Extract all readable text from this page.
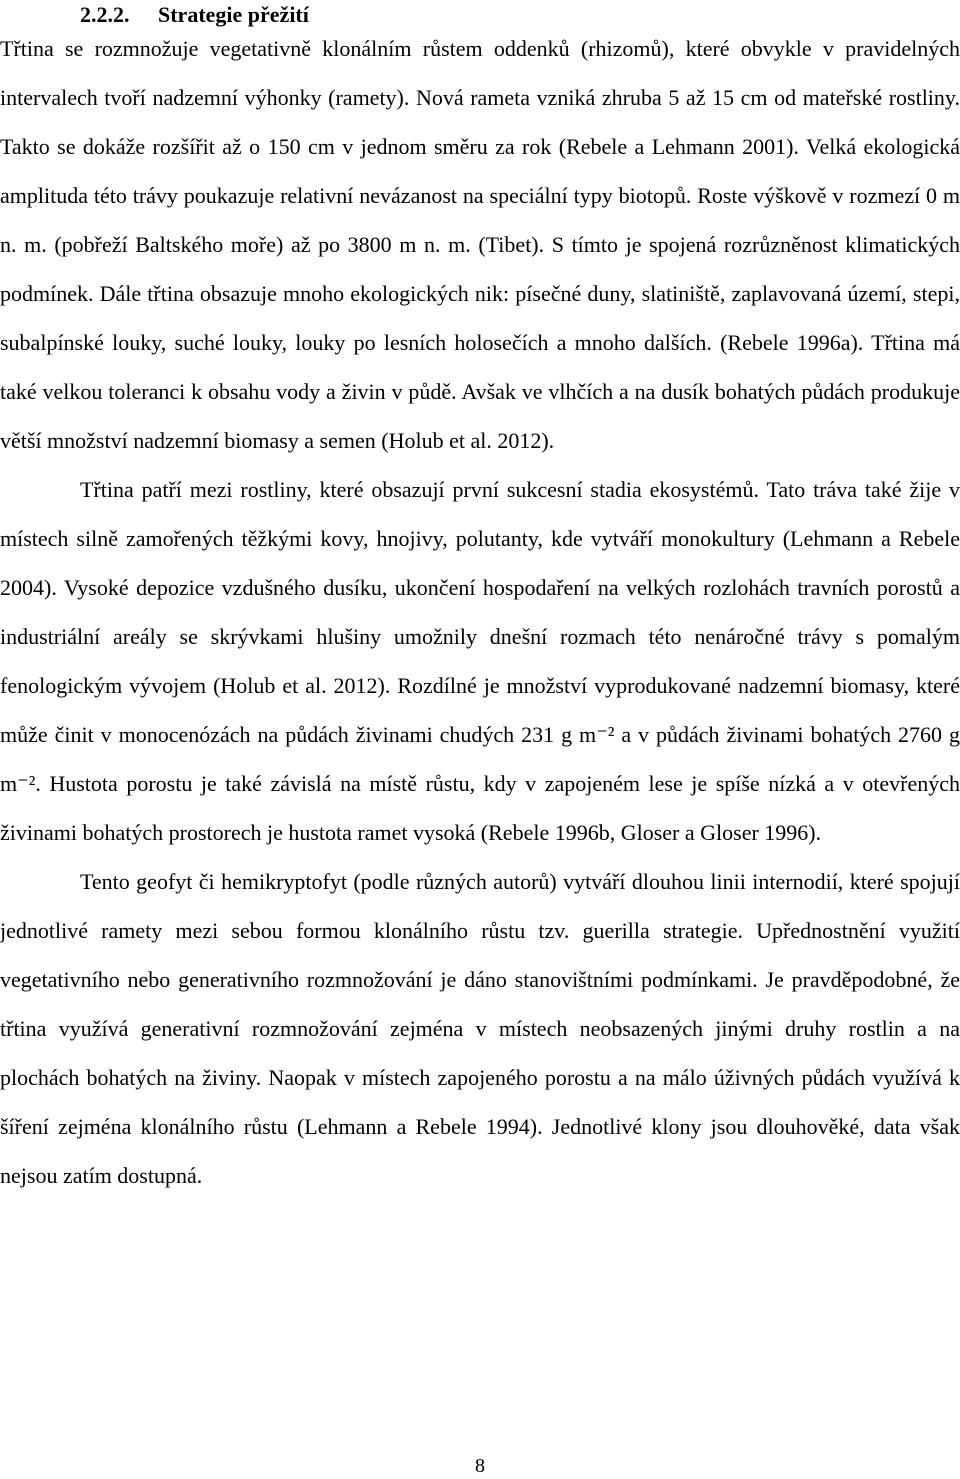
2.2.2. Strategie přežití

Třtina se rozmnožuje vegetativně klonálním růstem oddenků (rhizomů), které obvykle v pravidelných intervalech tvoří nadzemní výhonky (ramety). Nová rameta vzniká zhruba 5 až 15 cm od mateřské rostliny. Takto se dokáže rozšířit až o 150 cm v jednom směru za rok (Rebele a Lehmann 2001). Velká ekologická amplituda této trávy poukazuje relativní nevázanost na speciální typy biotopů. Roste výškově v rozmezí 0 m n. m. (pobřeží Baltského moře) až po 3800 m n. m. (Tibet). S tímto je spojená rozrůzněnost klimatických podmínek. Dále třtina obsazuje mnoho ekologických nik: písečné duny, slatiniště, zaplavovaná území, stepi, subalpínské louky, suché louky, louky po lesních holosečích a mnoho dalších. (Rebele 1996a). Třtina má také velkou toleranci k obsahu vody a živin v půdě. Avšak ve vlhčích a na dusík bohatých půdách produkuje větší množství nadzemní biomasy a semen (Holub et al. 2012).

Třtina patří mezi rostliny, které obsazují první sukcesní stadia ekosystémů. Tato tráva také žije v místech silně zamořených těžkými kovy, hnojivy, polutanty, kde vytváří monokultury (Lehmann a Rebele 2004). Vysoké depozice vzdušného dusíku, ukončení hospodaření na velkých rozlohách travních porostů a industriální areály se skrývkami hlušiny umožnily dnešní rozmach této nenáročné trávy s pomalým fenologickým vývojem (Holub et al. 2012). Rozdílné je množství vyprodukované nadzemní biomasy, které může činit v monocenózách na půdách živinami chudých 231 g m⁻² a v půdách živinami bohatých 2760 g m⁻². Hustota porostu je také závislá na místě růstu, kdy v zapojeném lese je spíše nízká a v otevřených živinami bohatých prostorech je hustota ramet vysoká (Rebele 1996b, Gloser a Gloser 1996).

Tento geofyt či hemikryptofyt (podle různých autorů) vytváří dlouhou linii internodií, které spojují jednotlivé ramety mezi sebou formou klonálního růstu tzv. guerilla strategie. Upřednostnění využití vegetativního nebo generativního rozmnožování je dáno stanovištními podmínkami. Je pravděpodobné, že třtina využívá generativní rozmnožování zejména v místech neobsazených jinými druhy rostlin a na plochách bohatých na živiny. Naopak v místech zapojeného porostu a na málo úživných půdách využívá k šíření zejména klonálního růstu (Lehmann a Rebele 1994). Jednotlivé klony jsou dlouhověké, data však nejsou zatím dostupná.

8
